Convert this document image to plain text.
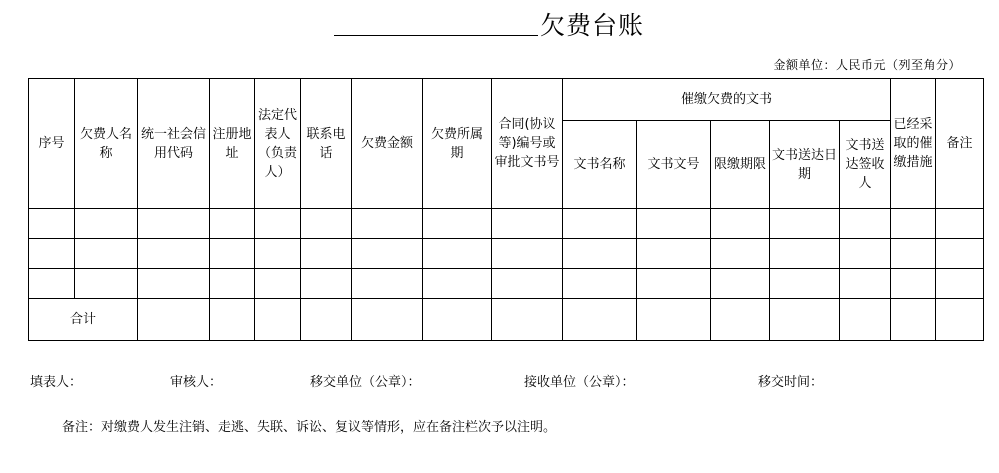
欠费台账
金额单位：人民币元（列至角分）
序号	欠费人名称	统一社会信用代码	注册地址	法定代表人（负责人）	联系电话	欠费金额	欠费所属期	合同(协议等)编号或审批文书号	催缴欠费的文书					已经采取的催缴措施	备注
									文书名称	文书文号	限缴期限	文书送达日期	文书送达签收人		

合计															
填表人：	审核人：	移交单位（公章）：	接收单位（公章）：	移交时间：
备注：对缴费人发生注销、走逃、失联、诉讼、复议等情形，应在备注栏次予以注明。
